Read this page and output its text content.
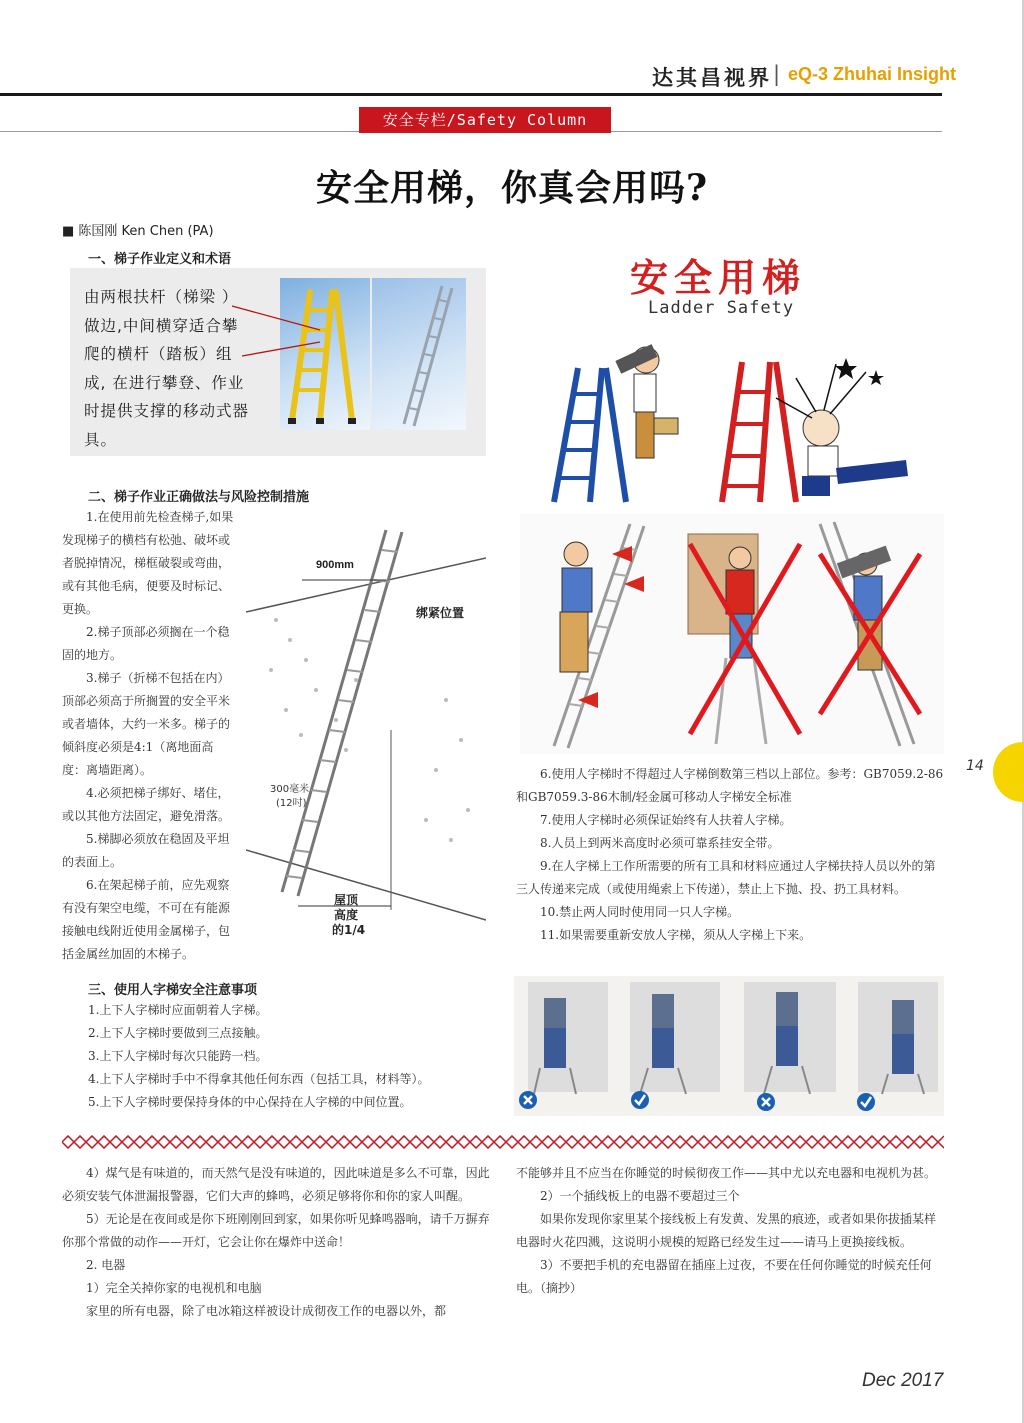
达其昌视界 | eQ-3 Zhuhai Insight
安全专栏/Safety Column
安全用梯，你真会用吗?
■ 陈国刚 Ken Chen (PA)
一、梯子作业定义和术语
由两根扶杆（梯梁 ）做边,中间横穿适合攀爬的横杆（踏板）组成, 在进行攀登、作业时提供支撑的移动式器具。
二、梯子作业正确做法与风险控制措施

1.在使用前先检查梯子,如果发现梯子的横档有松弛、破坏或者脱掉情况，梯框破裂或弯曲，或有其他毛病，便要及时标记、更换。

2.梯子顶部必须搁在一个稳固的地方。

3.梯子（折梯不包括在内）顶部必须高于所搁置的安全平米或者墙体，大约一米多。梯子的倾斜度必须是4:1（离地面高度：离墙距离）。

4.必须把梯子绑好、堵住，或以其他方法固定，避免滑落。

5.梯脚必须放在稳固及平坦的表面上。

6.在架起梯子前，应先观察有没有架空电缆，不可在有能源接触电线附近使用金属梯子，包括金属丝加固的木梯子。

900mm
绑紧位置
300毫米
(12吋)
屋顶
高度
的1/4
三、使用人字梯安全注意事项
1.上下人字梯时应面朝着人字梯。
2.上下人字梯时要做到三点接触。
3.上下人字梯时每次只能跨一档。
4.上下人字梯时手中不得拿其他任何东西（包括工具，材料等）。
5.上下人字梯时要保持身体的中心保持在人字梯的中间位置。
安全用梯
Ladder Safety

6.使用人字梯时不得超过人字梯倒数第三档以上部位。参考：GB7059.2-86和GB7059.3-86木制/轻金属可移动人字梯安全标准

7.使用人字梯时必须保证始终有人扶着人字梯。

8.人员上到两米高度时必须可靠系挂安全带。

9.在人字梯上工作所需要的所有工具和材料应通过人字梯扶持人员以外的第三人传递来完成（或使用绳索上下传递），禁止上下抛、投、扔工具材料。

10.禁止两人同时使用同一只人字梯。

11.如果需要重新安放人字梯，须从人字梯上下来。

14

4）煤气是有味道的，而天然气是没有味道的，因此味道是多么不可靠，因此必须安装气体泄漏报警器，它们大声的蜂鸣，必须足够将你和你的家人叫醒。

5）无论是在夜间或是你下班刚刚回到家，如果你听见蜂鸣器响，请千万摒弃你那个常做的动作——开灯，它会让你在爆炸中送命！

2. 电器

1）完全关掉你家的电视机和电脑

家里的所有电器，除了电冰箱这样被设计成彻夜工作的电器以外，都

不能够并且不应当在你睡觉的时候彻夜工作——其中尤以充电器和电视机为甚。

2）一个插线板上的电器不要超过三个

如果你发现你家里某个接线板上有发黄、发黑的痕迹，或者如果你拔插某样电器时火花四溅，这说明小规模的短路已经发生过——请马上更换接线板。

3）不要把手机的充电器留在插座上过夜，不要在任何你睡觉的时候充任何电。（摘抄）

Dec 2017
